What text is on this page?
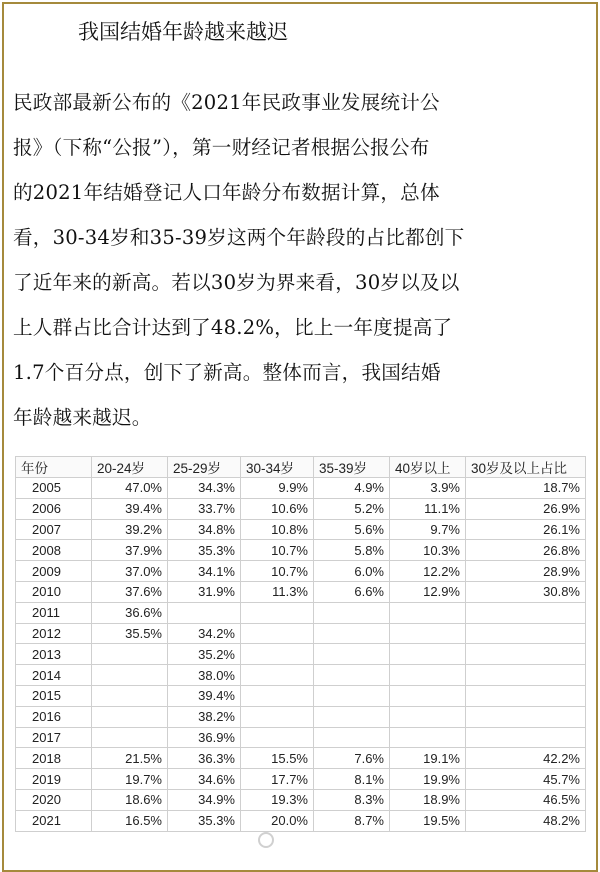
我国结婚年龄越来越迟
民政部最新公布的《2021年民政事业发展统计公
报》（下称“公报”），第一财经记者根据公报公布
的2021年结婚登记人口年龄分布数据计算，总体
看，30-34岁和35-39岁这两个年龄段的占比都创下
了近年来的新高。若以30岁为界来看，30岁以及以
上人群占比合计达到了48.2%，比上一年度提高了
1.7个百分点，创下了新高。整体而言，我国结婚
年龄越来越迟。
年份	20-24岁	25-29岁	30-34岁	35-39岁	40岁以上	30岁及以上占比
2005	47.0%	34.3%	9.9%	4.9%	3.9%	18.7%
2006	39.4%	33.7%	10.6%	5.2%	11.1%	26.9%
2007	39.2%	34.8%	10.8%	5.6%	9.7%	26.1%
2008	37.9%	35.3%	10.7%	5.8%	10.3%	26.8%
2009	37.0%	34.1%	10.7%	6.0%	12.2%	28.9%
2010	37.6%	31.9%	11.3%	6.6%	12.9%	30.8%
2011	36.6%					
2012	35.5%	34.2%				
2013		35.2%				
2014		38.0%				
2015		39.4%				
2016		38.2%				
2017		36.9%				
2018	21.5%	36.3%	15.5%	7.6%	19.1%	42.2%
2019	19.7%	34.6%	17.7%	8.1%	19.9%	45.7%
2020	18.6%	34.9%	19.3%	8.3%	18.9%	46.5%
2021	16.5%	35.3%	20.0%	8.7%	19.5%	48.2%
